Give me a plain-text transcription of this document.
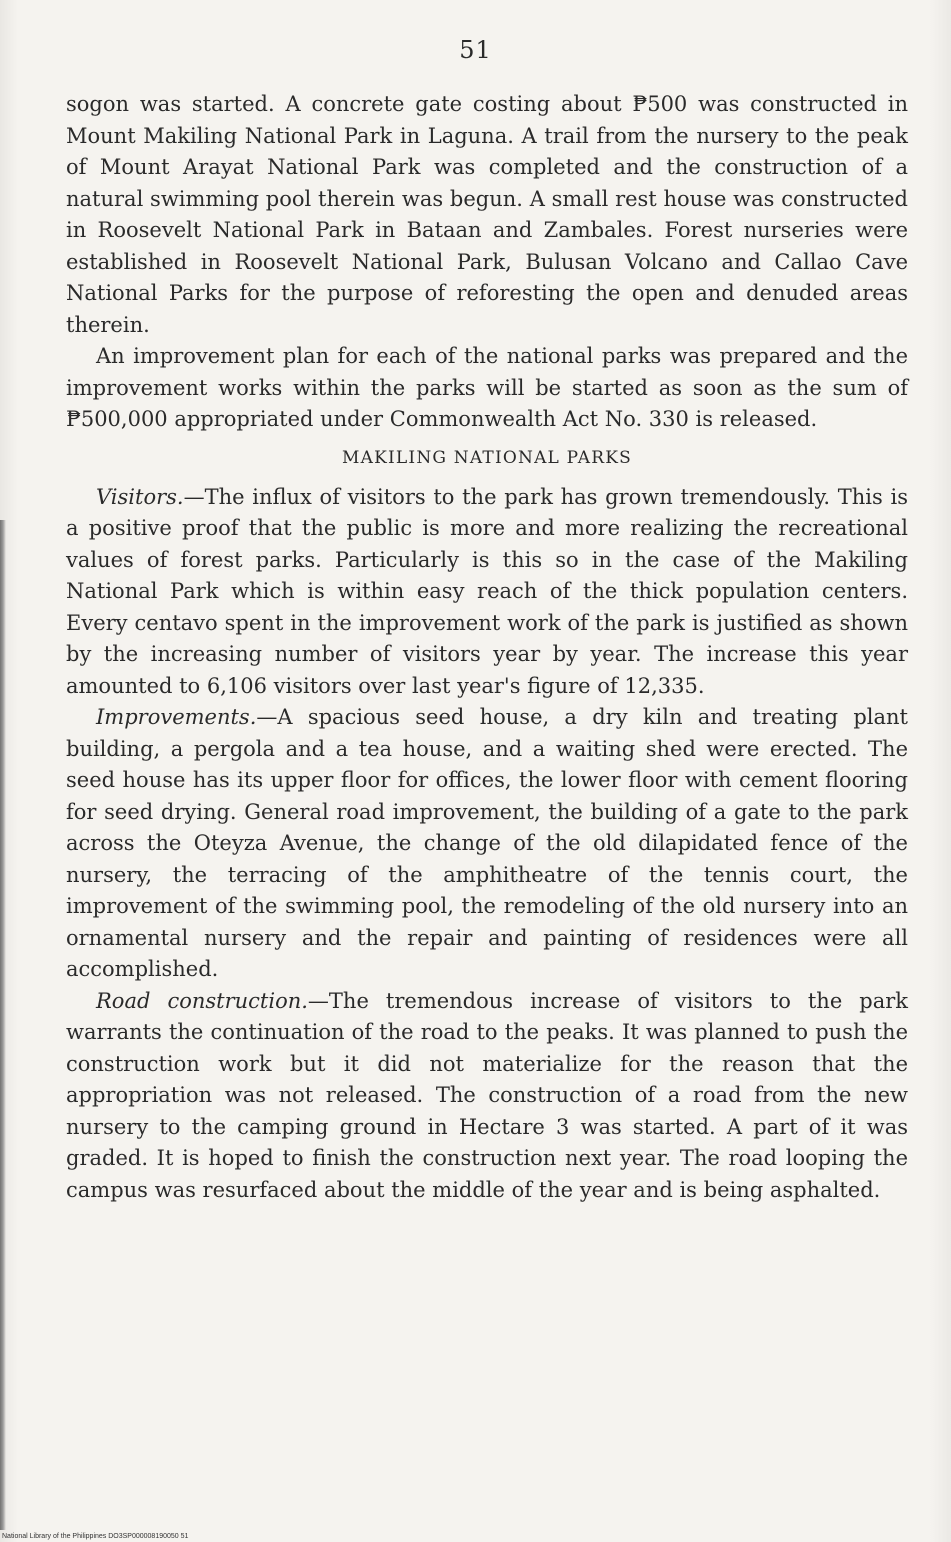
51

sogon was started. A concrete gate costing about ₱500 was constructed in Mount Makiling National Park in Laguna. A trail from the nursery to the peak of Mount Arayat National Park was completed and the construction of a natural swimming pool therein was begun. A small rest house was constructed in Roosevelt National Park in Bataan and Zambales. Forest nurseries were established in Roosevelt National Park, Bulusan Volcano and Callao Cave National Parks for the purpose of reforesting the open and denuded areas therein.

An improvement plan for each of the national parks was prepared and the improvement works within the parks will be started as soon as the sum of ₱500,000 appropriated under Commonwealth Act No. 330 is released.

MAKILING NATIONAL PARKS

Visitors.—The influx of visitors to the park has grown tremendously. This is a positive proof that the public is more and more realizing the recreational values of forest parks. Particularly is this so in the case of the Makiling National Park which is within easy reach of the thick population centers. Every centavo spent in the improvement work of the park is justified as shown by the increasing number of visitors year by year. The increase this year amounted to 6,106 visitors over last year's figure of 12,335.

Improvements.—A spacious seed house, a dry kiln and treating plant building, a pergola and a tea house, and a waiting shed were erected. The seed house has its upper floor for offices, the lower floor with cement flooring for seed drying. General road improvement, the building of a gate to the park across the Oteyza Avenue, the change of the old dilapidated fence of the nursery, the terracing of the amphitheatre of the tennis court, the improvement of the swimming pool, the remodeling of the old nursery into an ornamental nursery and the repair and painting of residences were all accomplished.

Road construction.—The tremendous increase of visitors to the park warrants the continuation of the road to the peaks. It was planned to push the construction work but it did not materialize for the reason that the appropriation was not released. The construction of a road from the new nursery to the camping ground in Hectare 3 was started. A part of it was graded. It is hoped to finish the construction next year. The road looping the campus was resurfaced about the middle of the year and is being asphalted.

National Library of the Philippines DO3SP000008190050 51
